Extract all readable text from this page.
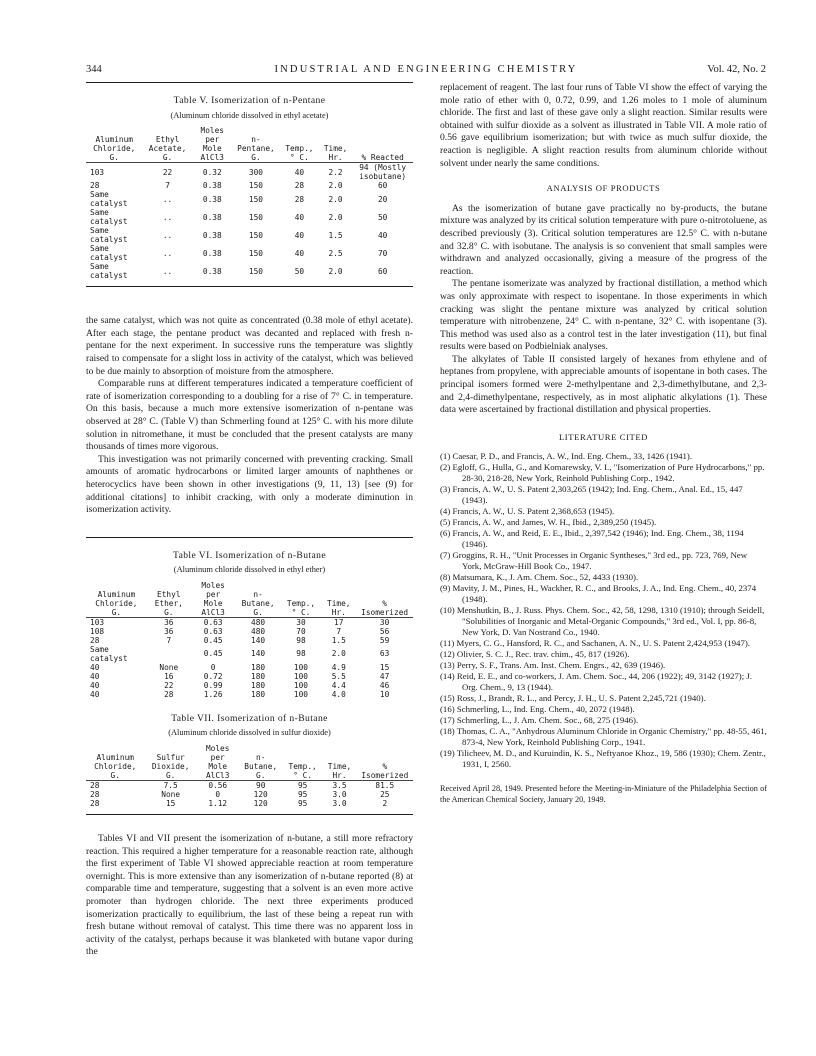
344	INDUSTRIAL AND ENGINEERING CHEMISTRY	Vol. 42, No. 2
Table V. Isomerization of n-Pentane
(Aluminum chloride dissolved in ethyl acetate)
Aluminum Chloride, G.	Ethyl Acetate, G.	Moles per Mole AlCl3	n-Pentane, G.	Temp., ° C.	Time, Hr.	% Reacted
103	22	0.32	300	40	2.2	94 (Mostly isobutane)
28	7	0.38	150	28	2.0	60
Same catalyst	..	0.38	150	28	2.0	20
Same catalyst	..	0.38	150	40	2.0	50
Same catalyst	..	0.38	150	40	1.5	40
Same catalyst	..	0.38	150	40	2.5	70
Same catalyst	..	0.38	150	50	2.0	60

the same catalyst, which was not quite as concentrated (0.38 mole of ethyl acetate). After each stage, the pentane product was decanted and replaced with fresh n-pentane for the next experiment. In successive runs the temperature was slightly raised to compensate for a slight loss in activity of the catalyst, which was believed to be due mainly to absorption of moisture from the atmosphere.

Comparable runs at different temperatures indicated a temperature coefficient of rate of isomerization corresponding to a doubling for a rise of 7° C. in temperature. On this basis, because a much more extensive isomerization of n-pentane was observed at 28° C. (Table V) than Schmerling found at 125° C. with his more dilute solution in nitromethane, it must be concluded that the present catalysts are many thousands of times more vigorous.

This investigation was not primarily concerned with preventing cracking. Small amounts of aromatic hydrocarbons or limited larger amounts of naphthenes or heterocyclics have been shown in other investigations (9, 11, 13) [see (9) for additional citations] to inhibit cracking, with only a moderate diminution in isomerization activity.

Table VI. Isomerization of n-Butane
(Aluminum chloride dissolved in ethyl ether)
Aluminum Chloride, G.	Ethyl Ether, G.	Moles per Mole AlCl3	n-Butane, G.	Temp., ° C.	Time, Hr.	% Isomerized
103	36	0.63	480	30	17	30
108	36	0.63	480	70	7	56
28	7	0.45	140	98	1.5	59
Same catalyst		0.45	140	98	2.0	63
40	None	0	180	100	4.9	15
40	16	0.72	180	100	5.5	47
40	22	0.99	180	100	4.4	46
40	28	1.26	180	100	4.0	10
Table VII. Isomerization of n-Butane
(Aluminum chloride dissolved in sulfur dioxide)
Aluminum Chloride, G.	Sulfur Dioxide, G.	Moles per Mole AlCl3	n-Butane, G.	Temp., ° C.	Time, Hr.	% Isomerized
28	7.5	0.56	90	95	3.5	81.5
28	None	0	120	95	3.0	25
28	15	1.12	120	95	3.0	2

Tables VI and VII present the isomerization of n-butane, a still more refractory reaction. This required a higher temperature for a reasonable reaction rate, although the first experiment of Table VI showed appreciable reaction at room temperature overnight. This is more extensive than any isomerization of n-butane reported (8) at comparable time and temperature, suggesting that a solvent is an even more active promoter than hydrogen chloride. The next three experiments produced isomerization practically to equilibrium, the last of these being a repeat run with fresh butane without removal of catalyst. This time there was no apparent loss in activity of the catalyst, perhaps because it was blanketed with butane vapor during the

replacement of reagent. The last four runs of Table VI show the effect of varying the mole ratio of ether with 0, 0.72, 0.99, and 1.26 moles to 1 mole of aluminum chloride. The first and last of these gave only a slight reaction. Similar results were obtained with sulfur dioxide as a solvent as illustrated in Table VII. A mole ratio of 0.56 gave equilibrium isomerization; but with twice as much sulfur dioxide, the reaction is negligible. A slight reaction results from aluminum chloride without solvent under nearly the same conditions.

ANALYSIS OF PRODUCTS

As the isomerization of butane gave practically no by-products, the butane mixture was analyzed by its critical solution temperature with pure o-nitrotoluene, as described previously (3). Critical solution temperatures are 12.5° C. with n-butane and 32.8° C. with isobutane. The analysis is so convenient that small samples were withdrawn and analyzed occasionally, giving a measure of the progress of the reaction.

The pentane isomerizate was analyzed by fractional distillation, a method which was only approximate with respect to isopentane. In those experiments in which cracking was slight the pentane mixture was analyzed by critical solution temperature with nitrobenzene, 24° C. with n-pentane, 32° C. with isopentane (3). This method was used also as a control test in the later investigation (11), but final results were based on Podbielniak analyses.

The alkylates of Table II consisted largely of hexanes from ethylene and of heptanes from propylene, with appreciable amounts of isopentane in both cases. The principal isomers formed were 2-methylpentane and 2,3-dimethylbutane, and 2,3- and 2,4-dimethylpentane, respectively, as in most aliphatic alkylations (1). These data were ascertained by fractional distillation and physical properties.

LITERATURE CITED

(1) Caesar, P. D., and Francis, A. W., Ind. Eng. Chem., 33, 1426 (1941).

(2) Egloff, G., Hulla, G., and Komarewsky, V. I., "Isomerization of Pure Hydrocarbons," pp. 28-30, 218-28, New York, Reinhold Publishing Corp., 1942.

(3) Francis, A. W., U. S. Patent 2,303,265 (1942); Ind. Eng. Chem., Anal. Ed., 15, 447 (1943).

(4) Francis, A. W., U. S. Patent 2,368,653 (1945).

(5) Francis, A. W., and James, W. H., Ibid., 2,389,250 (1945).

(6) Francis, A. W., and Reid, E. E., Ibid., 2,397,542 (1946); Ind. Eng. Chem., 38, 1194 (1946).

(7) Groggins, R. H., "Unit Processes in Organic Syntheses," 3rd ed., pp. 723, 769, New York, McGraw-Hill Book Co., 1947.

(8) Matsumara, K., J. Am. Chem. Soc., 52, 4433 (1930).

(9) Mavity, J. M., Pines, H., Wackher, R. C., and Brooks, J. A., Ind. Eng. Chem., 40, 2374 (1948).

(10) Menshutkin, B., J. Russ. Phys. Chem. Soc., 42, 58, 1298, 1310 (1910); through Seidell, "Solubilities of Inorganic and Metal-Organic Compounds," 3rd ed., Vol. I, pp. 86-8, New York, D. Van Nostrand Co., 1940.

(11) Myers, C. G., Hansford, R. C., and Sachanen, A. N., U. S. Patent 2,424,953 (1947).

(12) Olivier, S. C. J., Rec. trav. chim., 45, 817 (1926).

(13) Perry, S. F., Trans. Am. Inst. Chem. Engrs., 42, 639 (1946).

(14) Reid, E. E., and co-workers, J. Am. Chem. Soc., 44, 206 (1922); 49, 3142 (1927); J. Org. Chem., 9, 13 (1944).

(15) Ross, J., Brandt, R. L., and Percy, J. H., U. S. Patent 2,245,721 (1940).

(16) Schmerling, L., Ind. Eng. Chem., 40, 2072 (1948).

(17) Schmerling, L., J. Am. Chem. Soc., 68, 275 (1946).

(18) Thomas, C. A., "Anhydrous Aluminum Chloride in Organic Chemistry," pp. 48-55, 461, 873-4, New York, Reinhold Publishing Corp., 1941.

(19) Tilicheev, M. D., and Kuruindin, K. S., Neftyanoe Khoz., 19, 586 (1930); Chem. Zentr., 1931, I, 2560.

Received April 28, 1949. Presented before the Meeting-in-Miniature of the Philadelphia Section of the American Chemical Society, January 20, 1949.
